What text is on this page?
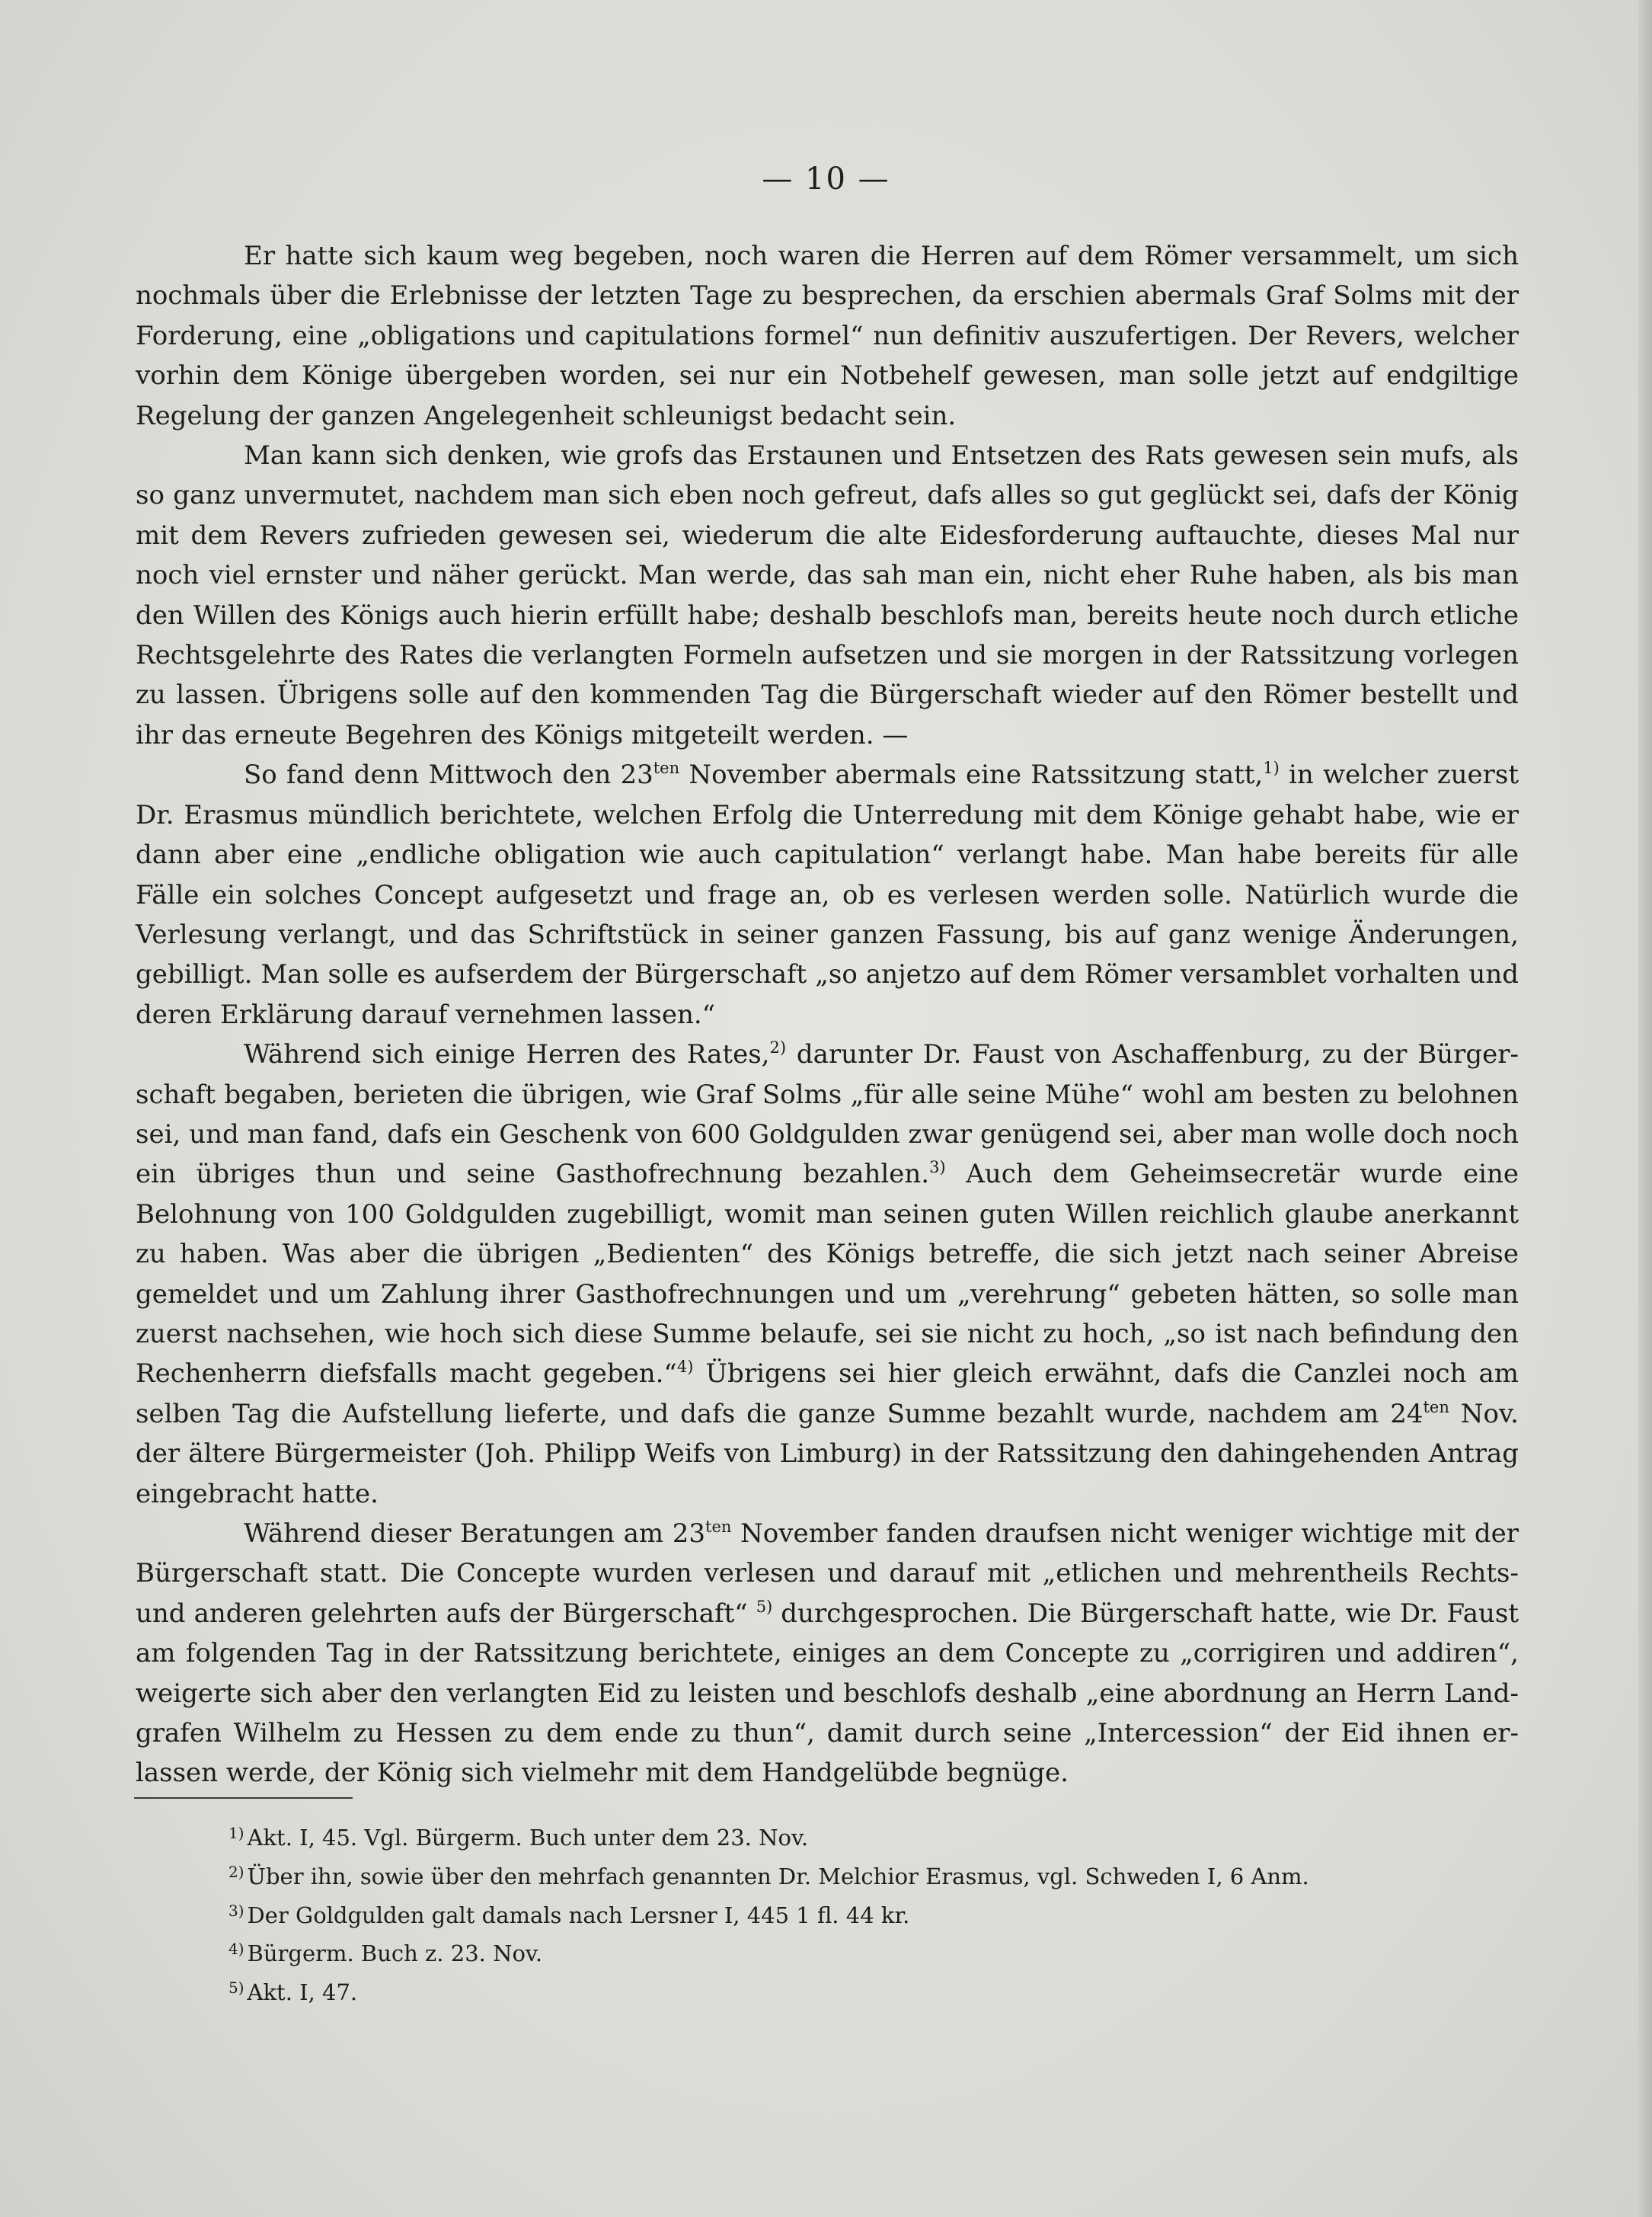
— 10 —

Er hatte sich kaum weg begeben, noch waren die Herren auf dem Römer versammelt, um sich nochmals über die Erlebnisse der letzten Tage zu besprechen, da erschien abermals Graf Solms mit der Forderung, eine „obligations und capitulations formel“ nun definitiv auszufertigen. Der Revers, welcher vorhin dem Könige übergeben worden, sei nur ein Notbehelf gewesen, man solle jetzt auf endgiltige Regelung der ganzen Angelegenheit schleunigst bedacht sein.

Man kann sich denken, wie grofs das Erstaunen und Entsetzen des Rats gewesen sein mufs, als so ganz unvermutet, nachdem man sich eben noch gefreut, dafs alles so gut geglückt sei, dafs der König mit dem Revers zufrieden gewesen sei, wiederum die alte Eidesforderung auftauchte, dieses Mal nur noch viel ernster und näher gerückt. Man werde, das sah man ein, nicht eher Ruhe haben, als bis man den Willen des Königs auch hierin erfüllt habe; deshalb beschlofs man, bereits heute noch durch etliche Rechtsgelehrte des Rates die verlangten Formeln aufsetzen und sie morgen in der Ratssitzung vorlegen zu lassen. Übrigens solle auf den kommenden Tag die Bürgerschaft wieder auf den Römer bestellt und ihr das erneute Begehren des Königs mitgeteilt werden. —

So fand denn Mittwoch den $23^{ten}$ November abermals eine Ratssitzung statt,$^{1)}$ in welcher zuerst Dr. Erasmus mündlich berichtete, welchen Erfolg die Unterredung mit dem Könige gehabt habe, wie er dann aber eine „endliche obligation wie auch capitulation“ verlangt habe. Man habe bereits für alle Fälle ein solches Concept aufgesetzt und frage an, ob es verlesen werden solle. Natürlich wurde die Verlesung verlangt, und das Schriftstück in seiner ganzen Fassung, bis auf ganz wenige Änderungen, gebilligt. Man solle es aufserdem der Bürgerschaft „so anjetzo auf dem Römer versamblet vorhalten und deren Erklärung darauf vernehmen lassen.“

Während sich einige Herren des Rates,$^{2)}$ darunter Dr. Faust von Aschaffenburg, zu der Bürgerschaft begaben, berieten die übrigen, wie Graf Solms „für alle seine Mühe“ wohl am besten zu belohnen sei, und man fand, dafs ein Geschenk von 600 Goldgulden zwar genügend sei, aber man wolle doch noch ein übriges thun und seine Gasthofrechnung bezahlen.$^{3)}$ Auch dem Geheimsecretär wurde eine Belohnung von 100 Goldgulden zugebilligt, womit man seinen guten Willen reichlich glaube anerkannt zu haben. Was aber die übrigen „Bedienten“ des Königs betreffe, die sich jetzt nach seiner Abreise gemeldet und um Zahlung ihrer Gasthofrechnungen und um „verehrung“ gebeten hätten, so solle man zuerst nachsehen, wie hoch sich diese Summe belaufe, sei sie nicht zu hoch, „so ist nach befindung den Rechenherrn diefsfalls macht gegeben.“$^{4)}$ Übrigens sei hier gleich erwähnt, dafs die Canzlei noch am selben Tag die Aufstellung lieferte, und dafs die ganze Summe bezahlt wurde, nachdem am $24^{ten}$ Nov. der ältere Bürgermeister (Joh. Philipp Weifs von Limburg) in der Ratssitzung den dahingehenden Antrag eingebracht hatte.

Während dieser Beratungen am $23^{ten}$ November fanden draufsen nicht weniger wichtige mit der Bürgerschaft statt. Die Concepte wurden verlesen und darauf mit „etlichen und mehrentheils Rechts- und anderen gelehrten aufs der Bürgerschaft“ $^{5)}$ durchgesprochen. Die Bürgerschaft hatte, wie Dr. Faust am folgenden Tag in der Ratssitzung berichtete, einiges an dem Concepte zu „corrigiren und addiren“, weigerte sich aber den verlangten Eid zu leisten und beschlofs deshalb „eine abordnung an Herrn Landgrafen Wilhelm zu Hessen zu dem ende zu thun“, damit durch seine „Intercession“ der Eid ihnen erlassen werde, der König sich vielmehr mit dem Handgelübde begnüge.

$^{1)}$ Akt. I, 45. Vgl. Bürgerm. Buch unter dem 23. Nov.
$^{2)}$ Über ihn, sowie über den mehrfach genannten Dr. Melchior Erasmus, vgl. Schweden I, 6 Anm.
$^{3)}$ Der Goldgulden galt damals nach Lersner I, 445 1 fl. 44 kr.
$^{4)}$ Bürgerm. Buch z. 23. Nov.
$^{5)}$ Akt. I, 47.
